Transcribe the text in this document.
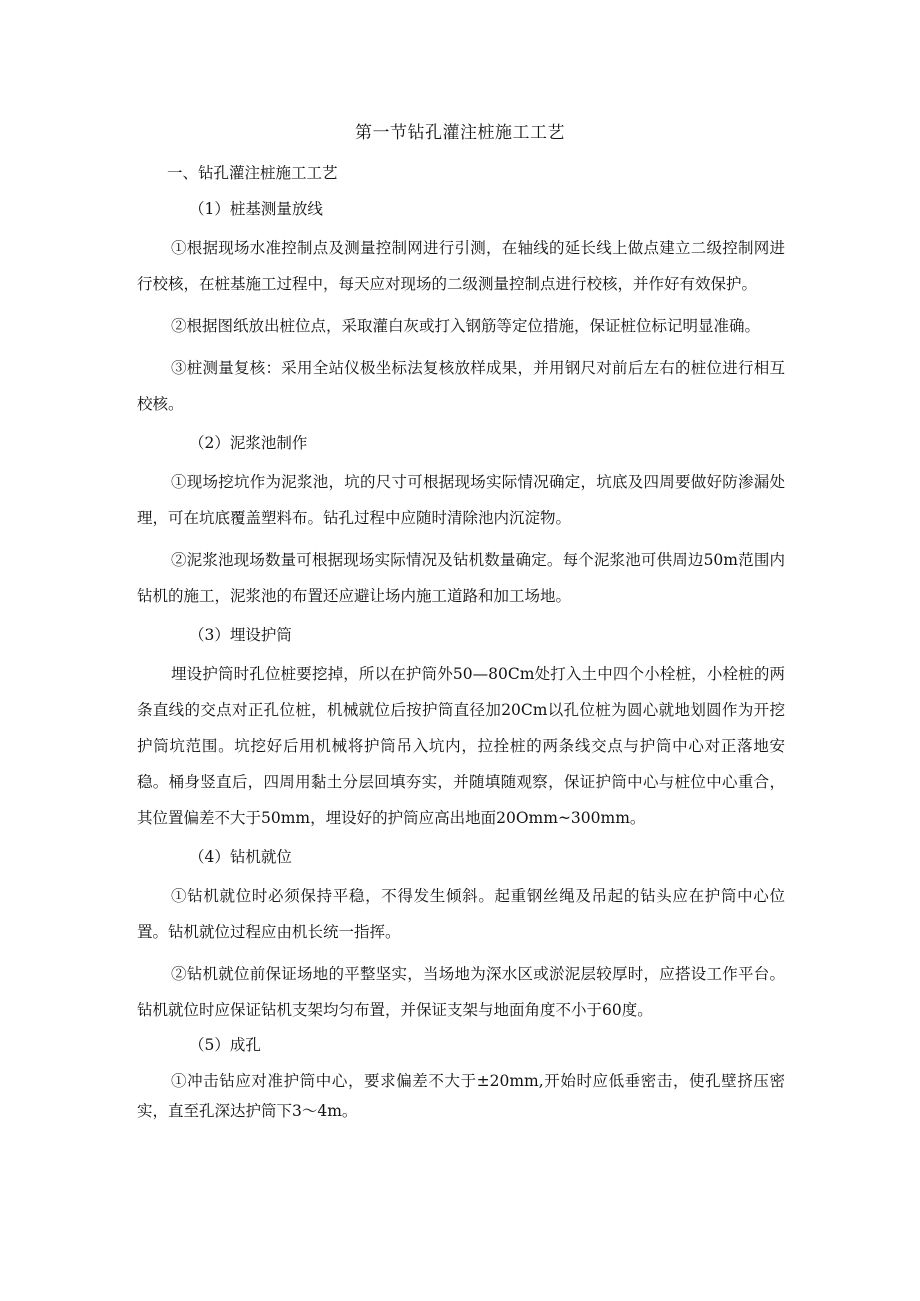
第一节钻孔灌注桩施工工艺
一、钻孔灌注桩施工工艺
（1）桩基测量放线

①根据现场水准控制点及测量控制网进行引测，在轴线的延长线上做点建立二级控制网进行校核，在桩基施工过程中，每天应对现场的二级测量控制点进行校核，并作好有效保护。

②根据图纸放出桩位点，采取灌白灰或打入钢筋等定位措施，保证桩位标记明显准确。

③桩测量复核：采用全站仪极坐标法复核放样成果，并用钢尺对前后左右的桩位进行相互校核。

（2）泥浆池制作

①现场挖坑作为泥浆池，坑的尺寸可根据现场实际情况确定，坑底及四周要做好防渗漏处理，可在坑底覆盖塑料布。钻孔过程中应随时清除池内沉淀物。

②泥浆池现场数量可根据现场实际情况及钻机数量确定。每个泥浆池可供周边50m范围内钻机的施工，泥浆池的布置还应避让场内施工道路和加工场地。

（3）埋设护筒

埋设护筒时孔位桩要挖掉，所以在护筒外50—80Cm处打入土中四个小栓桩，小栓桩的两条直线的交点对正孔位桩，机械就位后按护筒直径加20Cm以孔位桩为圆心就地划圆作为开挖护筒坑范围。坑挖好后用机械将护筒吊入坑内，拉拴桩的两条线交点与护筒中心对正落地安稳。桶身竖直后，四周用黏土分层回填夯实，并随填随观察，保证护筒中心与桩位中心重合，其位置偏差不大于50mm，埋设好的护筒应高出地面20Omm~300mm。

（4）钻机就位

①钻机就位时必须保持平稳，不得发生倾斜。起重钢丝绳及吊起的钻头应在护筒中心位置。钻机就位过程应由机长统一指挥。

②钻机就位前保证场地的平整坚实，当场地为深水区或淤泥层较厚时，应搭设工作平台。钻机就位时应保证钻机支架均匀布置，并保证支架与地面角度不小于60度。

（5）成孔

①冲击钻应对准护筒中心，要求偏差不大于±20mm,开始时应低垂密击，使孔壁挤压密实，直至孔深达护筒下3～4m。
